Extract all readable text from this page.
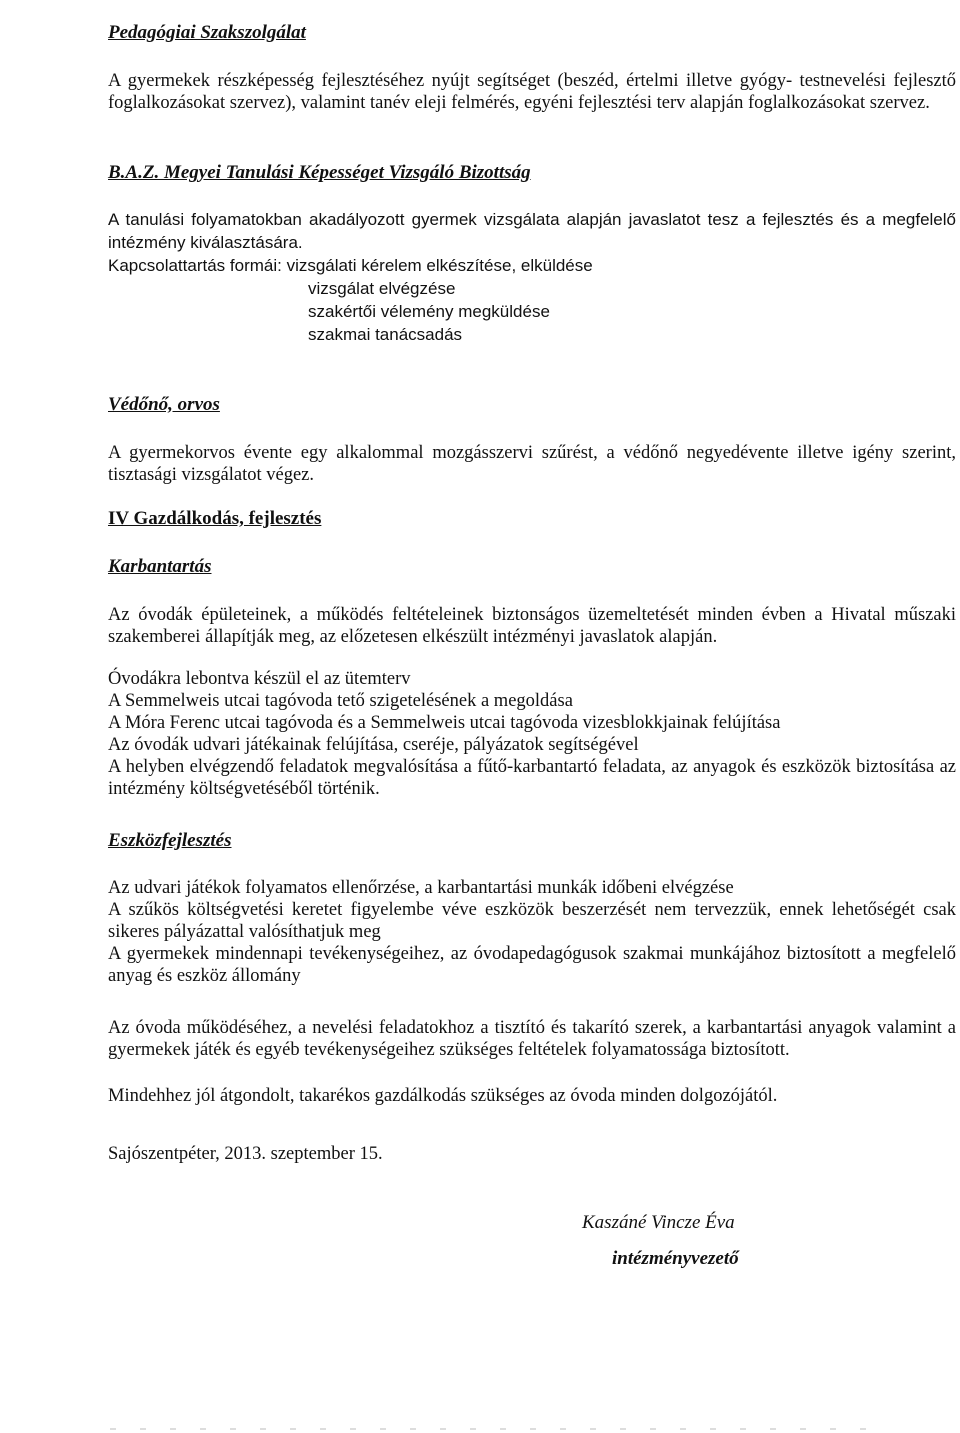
Pedagógiai Szakszolgálat
A gyermekek részképesség fejlesztéséhez nyújt segítséget (beszéd, értelmi illetve gyógy- testnevelési fejlesztő foglalkozásokat szervez), valamint tanév eleji felmérés, egyéni fejlesztési terv alapján foglalkozásokat szervez.
B.A.Z. Megyei Tanulási Képességet Vizsgáló Bizottság
A tanulási folyamatokban akadályozott gyermek vizsgálata alapján javaslatot tesz a fejlesztés és a megfelelő intézmény kiválasztására.

Kapcsolattartás formái: vizsgálati kérelem elkészítése, elküldése

vizsgálat elvégzése

szakértői vélemény megküldése

szakmai tanácsadás

Védőnő, orvos
A gyermekorvos évente egy alkalommal mozgásszervi szűrést, a védőnő negyedévente illetve igény szerint, tisztasági vizsgálatot végez.
IV Gazdálkodás, fejlesztés
Karbantartás
Az óvodák épületeinek, a működés feltételeinek biztonságos üzemeltetését minden évben a Hivatal műszaki szakemberei állapítják meg, az előzetesen elkészült intézményi javaslatok alapján.

Óvodákra lebontva készül el az ütemterv

A Semmelweis utcai tagóvoda tető szigetelésének a megoldása

A Móra Ferenc utcai tagóvoda és a Semmelweis utcai tagóvoda vizesblokkjainak felújítása

Az óvodák udvari játékainak felújítása, cseréje, pályázatok segítségével

A helyben elvégzendő feladatok megvalósítása a fűtő-karbantartó feladata, az anyagok és eszközök biztosítása az intézmény költségvetéséből történik.

Eszközfejlesztés

Az udvari játékok folyamatos ellenőrzése, a karbantartási munkák időbeni elvégzése

A szűkös költségvetési keretet figyelembe véve eszközök beszerzését nem tervezzük, ennek lehetőségét csak sikeres pályázattal valósíthatjuk meg

A gyermekek mindennapi tevékenységeihez, az óvodapedagógusok szakmai munkájához biztosított a megfelelő anyag és eszköz állomány

Az óvoda működéséhez, a nevelési feladatokhoz a tisztító és takarító szerek, a karbantartási anyagok valamint a gyermekek játék és egyéb tevékenységeihez szükséges feltételek folyamatossága biztosított.
Mindehhez jól átgondolt, takarékos gazdálkodás szükséges az óvoda minden dolgozójától.
Sajószentpéter, 2013. szeptember 15.
Kaszáné Vincze Éva
intézményvezető
